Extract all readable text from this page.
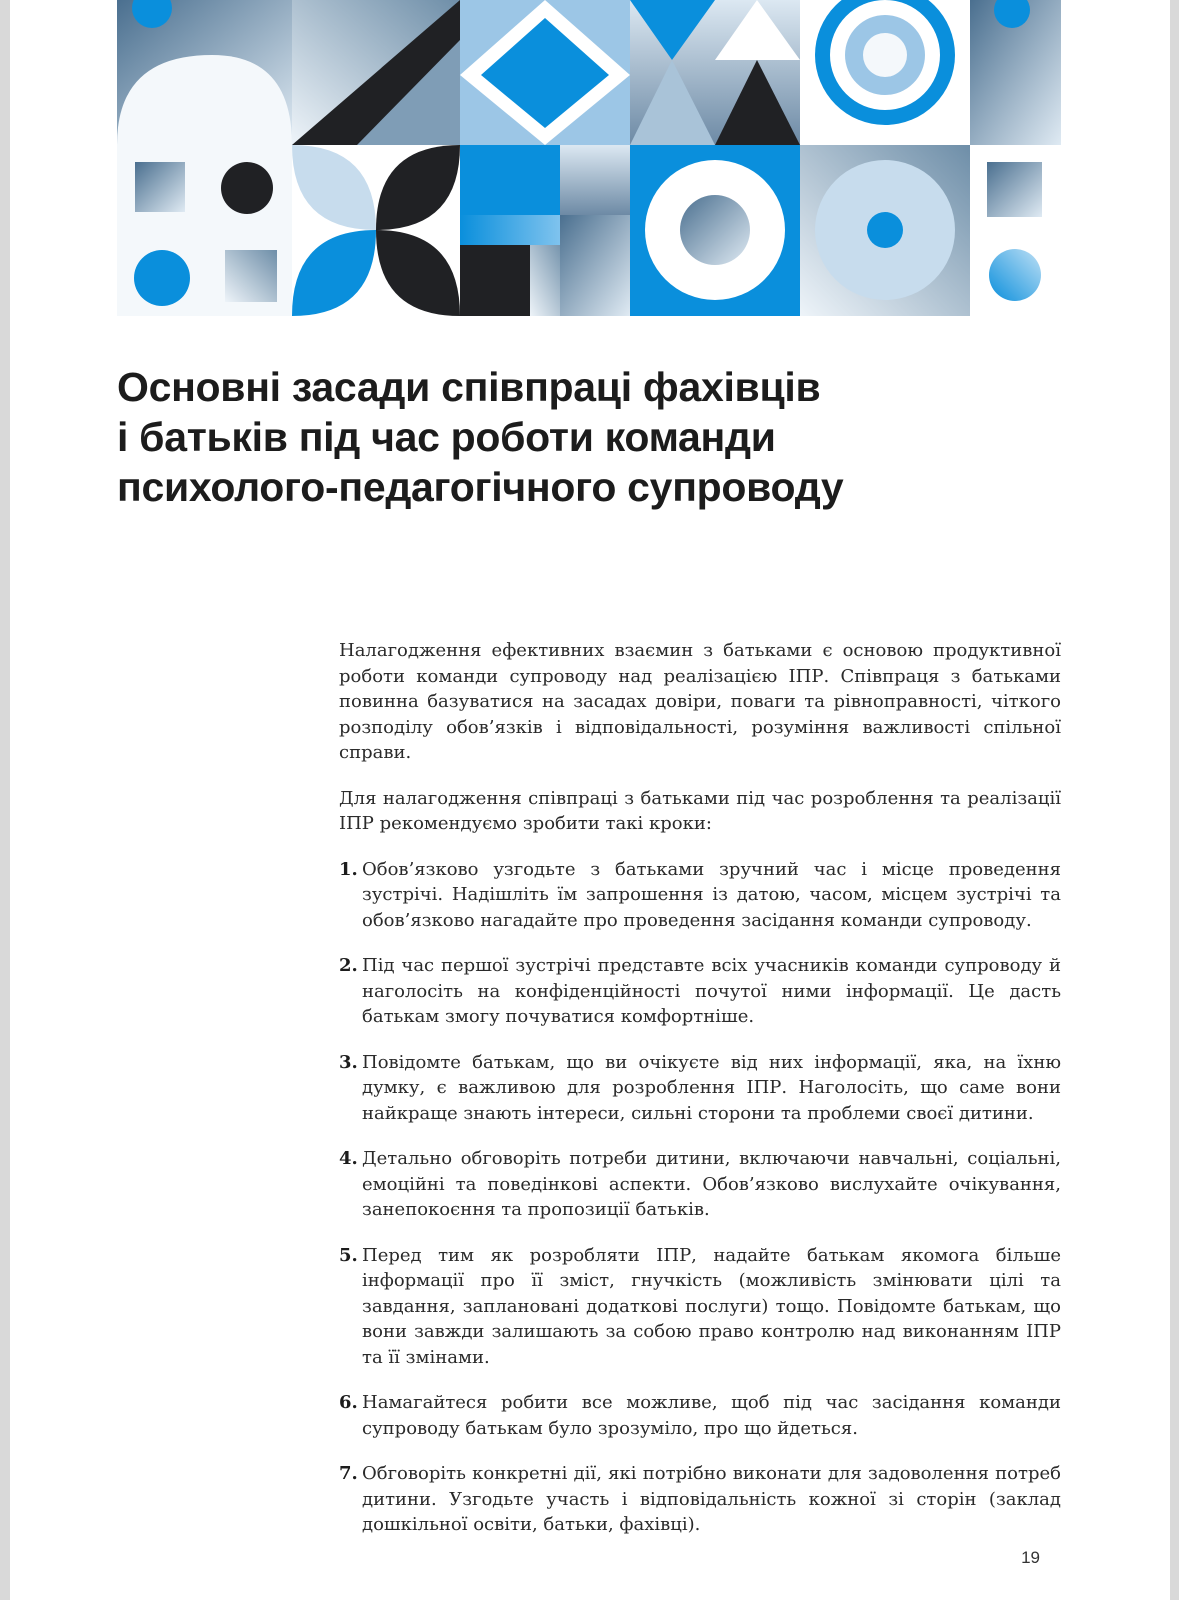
Основні засади співпраці фахівців
і батьків під час роботи команди
психолого-педагогічного супроводу

Налагодження ефективних взаємин з батьками є основою продуктивної роботи команди супроводу над реалізацією ІПР. Співпраця з батьками повинна базуватися на засадах довіри, поваги та рівноправності, чіткого розподілу обов’язків і відповідальності, розуміння важливості спільної справи.

Для налагодження співпраці з батьками під час розроблення та реалізації ІПР рекомендуємо зробити такі кроки:

1. Обов’язково узгодьте з батьками зручний час і місце проведення зустрічі. Надішліть їм запрошення із датою, часом, місцем зустрічі та обов’язково нагадайте про проведення засідання команди супроводу.
2. Під час першої зустрічі представте всіх учасників команди супроводу й наголосіть на конфіденційності почутої ними інформації. Це дасть батькам змогу почуватися комфортніше.
3. Повідомте батькам, що ви очікуєте від них інформації, яка, на їхню думку, є важливою для розроблення ІПР. Наголосіть, що саме вони найкраще знають інтереси, сильні сторони та проблеми своєї дитини.
4. Детально обговоріть потреби дитини, включаючи навчальні, соціальні, емоційні та поведінкові аспекти. Обов’язково вислухайте очікування, занепокоєння та пропозиції батьків.
5. Перед тим як розробляти ІПР, надайте батькам якомога більше інформації про її зміст, гнучкість (можливість змінювати цілі та завдання, заплановані додаткові послуги) тощо. Повідомте батькам, що вони завжди залишають за собою право контролю над виконанням ІПР та її змінами.
6. Намагайтеся робити все можливе, щоб під час засідання команди супроводу батькам було зрозуміло, про що йдеться.
7. Обговоріть конкретні дії, які потрібно виконати для задоволення потреб дитини. Узгодьте участь і відповідальність кожної зі сторін (заклад дошкільної освіти, батьки, фахівці).
19
